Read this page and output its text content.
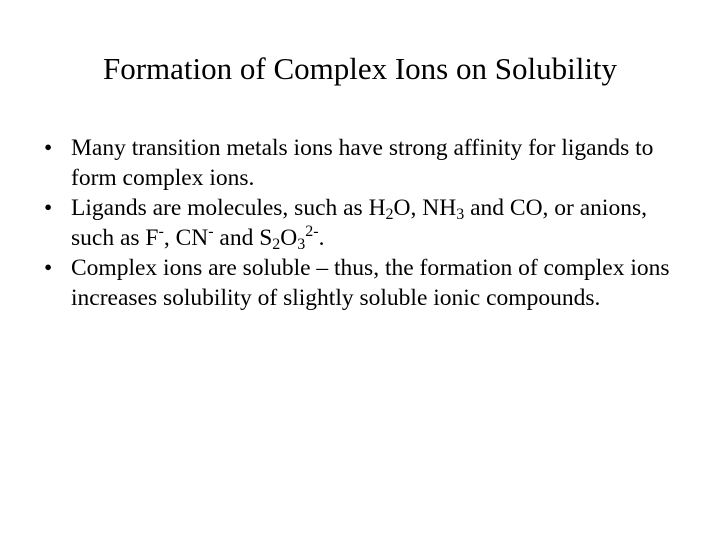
Formation of Complex Ions on Solubility
• Many transition metals ions have strong affinity for ligands to form complex ions.
• Ligands are molecules, such as $H_2O$, $NH_3$ and CO, or anions, such as F-, CN- and $S_2O_3^{2-}$.
• Complex ions are soluble – thus, the formation of complex ions increases solubility of slightly soluble ionic compounds.
